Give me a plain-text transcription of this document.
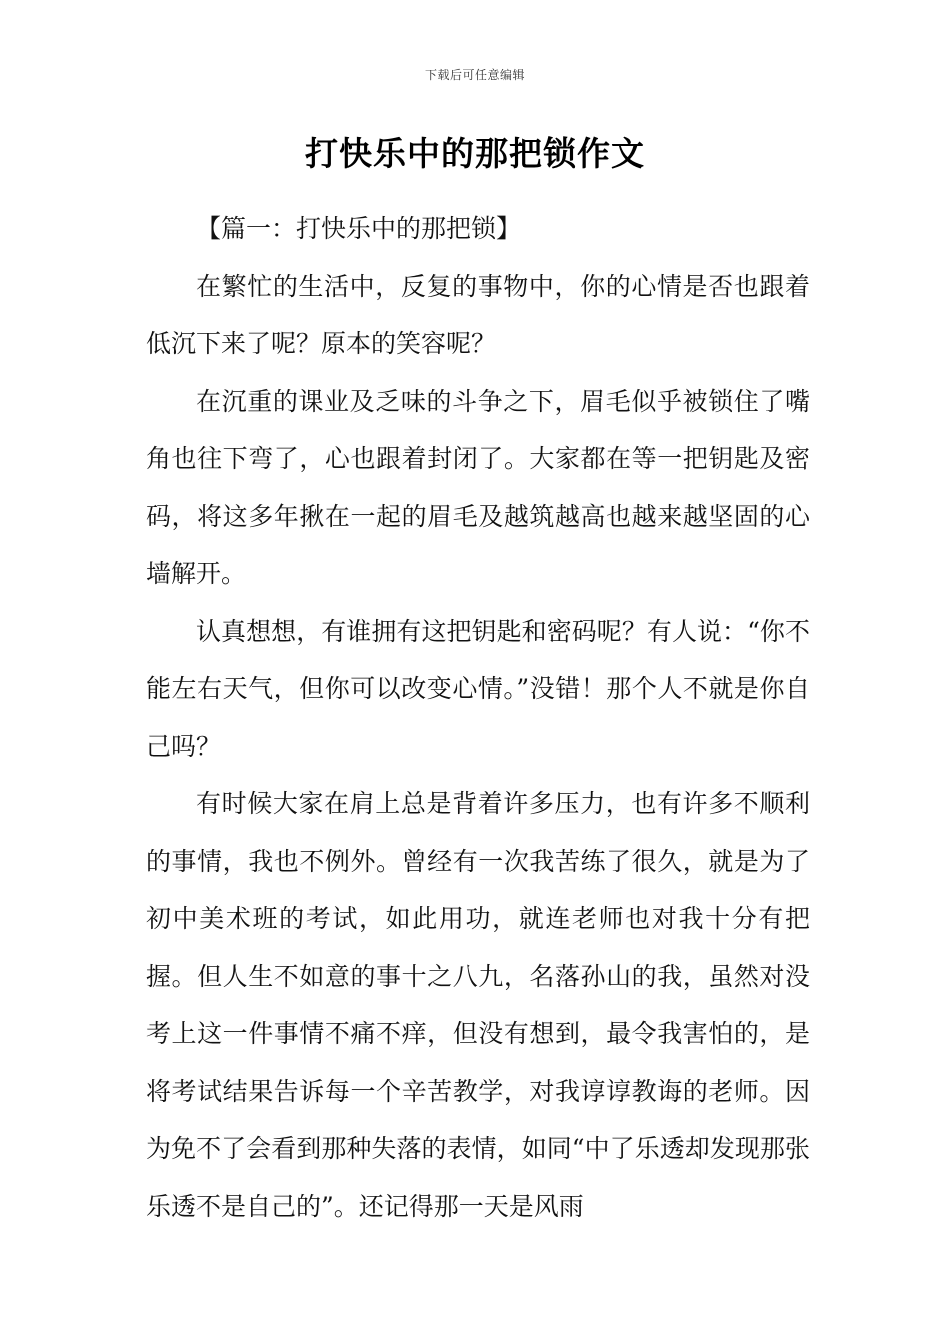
下载后可任意编辑
打快乐中的那把锁作文

【篇一：打快乐中的那把锁】

在繁忙的生活中，反复的事物中，你的心情是否也跟着低沉下来了呢？原本的笑容呢？

在沉重的课业及乏味的斗争之下，眉毛似乎被锁住了嘴角也往下弯了，心也跟着封闭了。大家都在等一把钥匙及密码，将这多年揪在一起的眉毛及越筑越高也越来越坚固的心墙解开。

认真想想，有谁拥有这把钥匙和密码呢？有人说：“你不能左右天气，但你可以改变心情。”没错！那个人不就是你自己吗？

有时候大家在肩上总是背着许多压力，也有许多不顺利的事情，我也不例外。曾经有一次我苦练了很久，就是为了初中美术班的考试，如此用功，就连老师也对我十分有把握。但人生不如意的事十之八九，名落孙山的我，虽然对没考上这一件事情不痛不痒，但没有想到，最令我害怕的，是将考试结果告诉每一个辛苦教学，对我谆谆教诲的老师。因为免不了会看到那种失落的表情，如同“中了乐透却发现那张乐透不是自己的”。还记得那一天是风雨
